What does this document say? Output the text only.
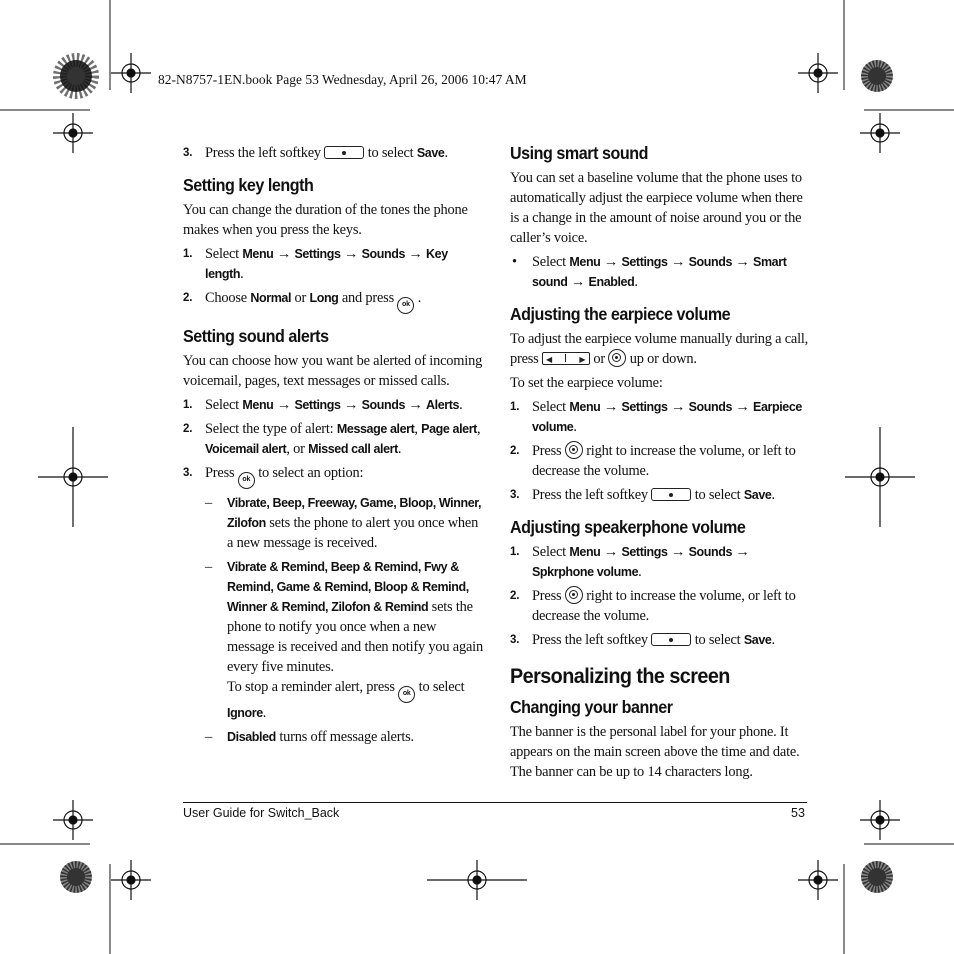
82-N8757-1EN.book Page 53 Wednesday, April 26, 2006 10:47 AM
3. Press the left softkey	to select Save.
Setting key length

You can change the duration of the tones the phone makes when you press the keys.

1. Select Menu → Settings → Sounds → Key length.
2. Choose Normal or Long and press ok .
Setting sound alerts

You can choose how you want be alerted of incoming voicemail, pages, text messages or missed calls.

1. Select Menu → Settings → Sounds → Alerts.
2. Select the type of alert: Message alert, Page alert, Voicemail alert, or Missed call alert.
3. Press ok to select an option:
– Vibrate, Beep, Freeway, Game, Bloop, Winner, Zilofon sets the phone to alert you once when a new message is received.
– Vibrate & Remind, Beep & Remind, Fwy & Remind, Game & Remind, Bloop & Remind, Winner & Remind, Zilofon & Remind sets the phone to notify you once when a new message is received and then notify you again every five minutes.
To stop a reminder alert, press ok to select Ignore.
– Disabled turns off message alerts.
Using smart sound

You can set a baseline volume that the phone uses to automatically adjust the earpiece volume when there is a change in the amount of noise around you or the caller’s voice.

• Select Menu → Settings → Sounds → Smart sound → Enabled.
Adjusting the earpiece volume

To adjust the earpiece volume manually during a call, press ◀       ▶	or up or down.

To set the earpiece volume:

1. Select Menu → Settings → Sounds → Earpiece volume.
2. Press right to increase the volume, or left to decrease the volume.
3. Press the left softkey	to select Save.
Adjusting speakerphone volume
1. Select Menu → Settings → Sounds → Spkrphone volume.
2. Press right to increase the volume, or left to decrease the volume.
3. Press the left softkey	to select Save.
Personalizing the screen
Changing your banner

The banner is the personal label for your phone. It appears on the main screen above the time and date. The banner can be up to 14 characters long.

User Guide for Switch_Back	53
